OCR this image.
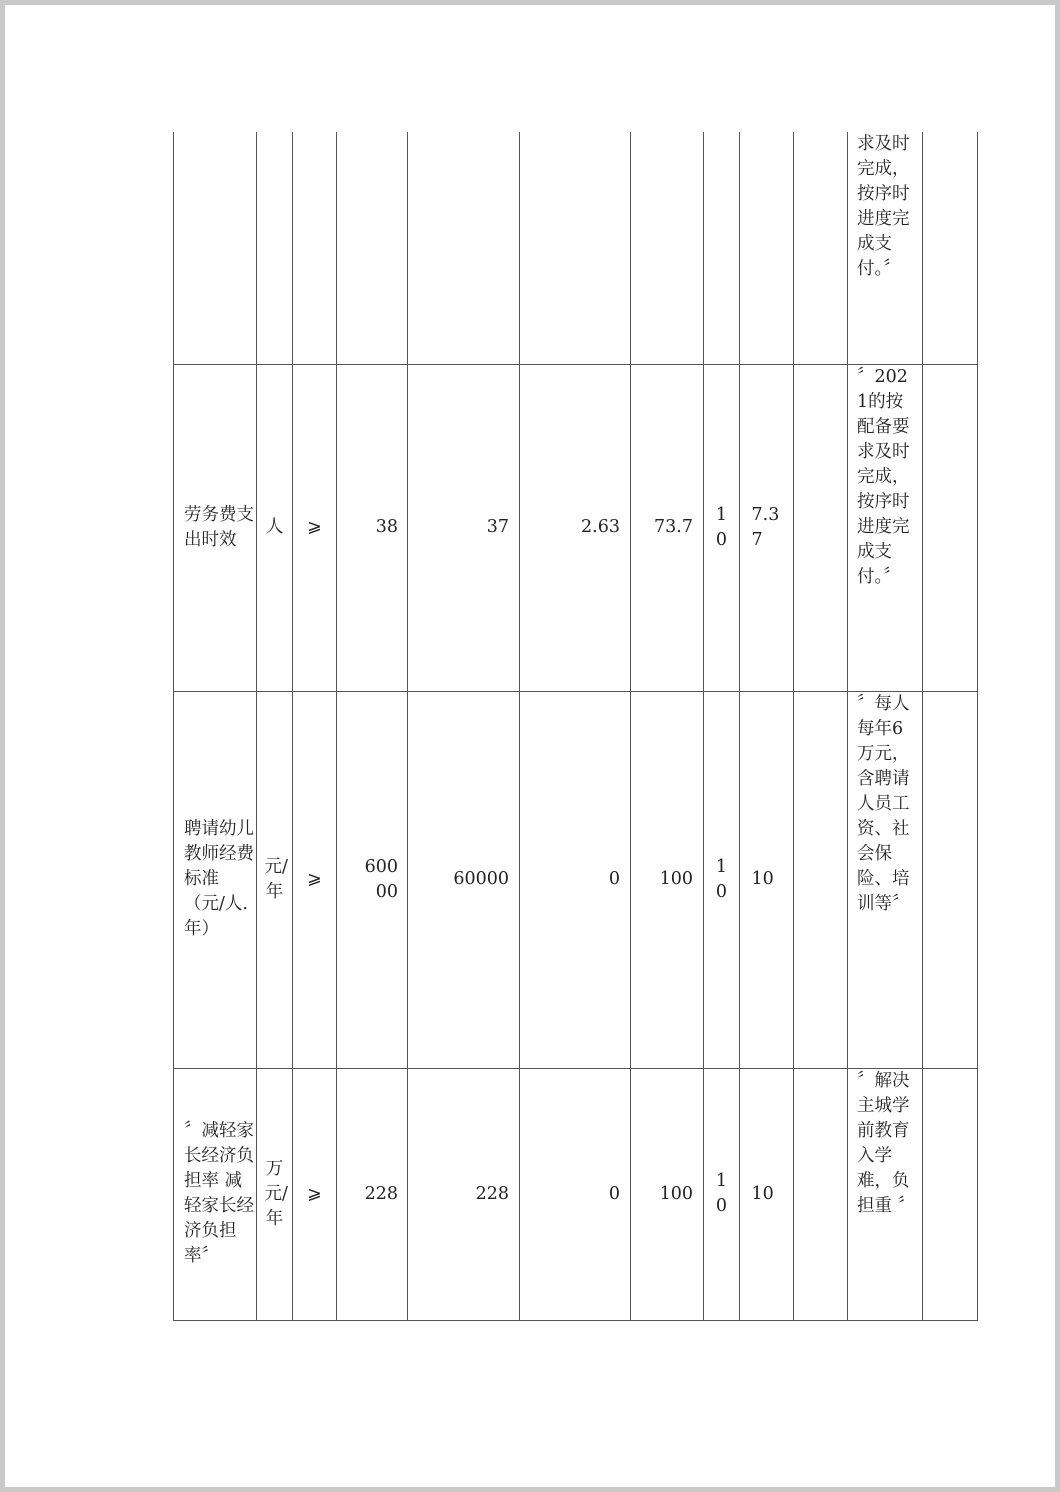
										求及时完成，按序时进度完成支付。〞	
劳务费支出时效	人	⩾	38	37	2.63	73.7	10	7.37		〞2021的按配备要求及时完成，按序时进度完成支付。〞	
聘请幼儿教师经费标准（元/人.年）	元/年	⩾	60000	60000	0	100	10	10		〞每人每年6万元，含聘请人员工资、社会保险、培训等〞	
〞减轻家长经济负担率 减轻家长经济负担率〞	万元/年	⩾	228	228	0	100	10	10		〞解决主城学前教育入学难，负担重 〞	
